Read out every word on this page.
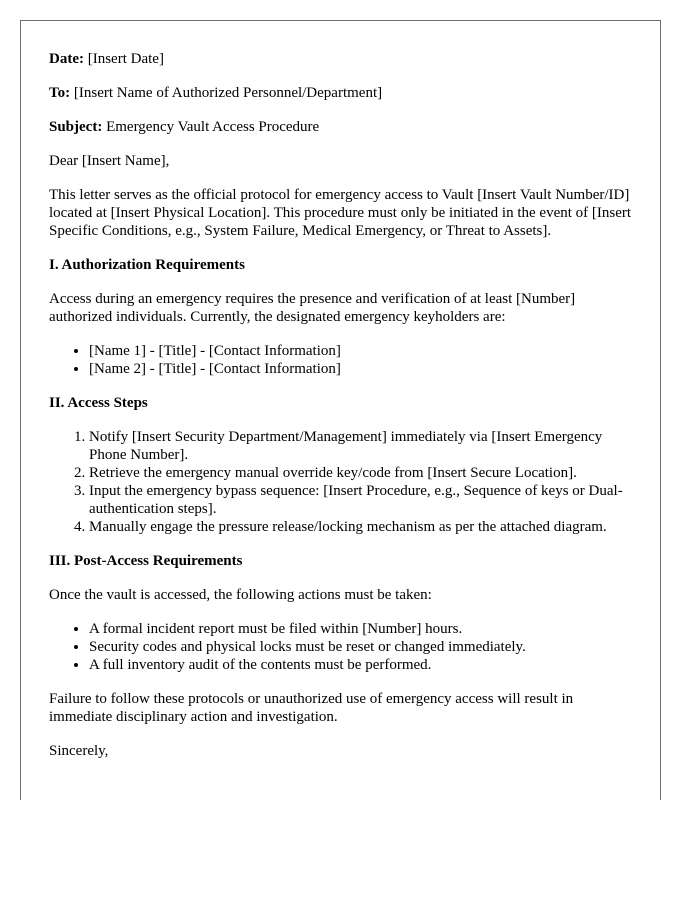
Date: [Insert Date]

To: [Insert Name of Authorized Personnel/Department]

Subject: Emergency Vault Access Procedure

Dear [Insert Name],

This letter serves as the official protocol for emergency access to Vault [Insert Vault Number/ID] located at [Insert Physical Location]. This procedure must only be initiated in the event of [Insert Specific Conditions, e.g., System Failure, Medical Emergency, or Threat to Assets].

I. Authorization Requirements

Access during an emergency requires the presence and verification of at least [Number] authorized individuals. Currently, the designated emergency keyholders are:

• [Name 1] - [Title] - [Contact Information]
• [Name 2] - [Title] - [Contact Information]
II. Access Steps
1. Notify [Insert Security Department/Management] immediately via [Insert Emergency Phone Number].
2. Retrieve the emergency manual override key/code from [Insert Secure Location].
3. Input the emergency bypass sequence: [Insert Procedure, e.g., Sequence of keys or Dual-authentication steps].
4. Manually engage the pressure release/locking mechanism as per the attached diagram.
III. Post-Access Requirements

Once the vault is accessed, the following actions must be taken:

• A formal incident report must be filed within [Number] hours.
• Security codes and physical locks must be reset or changed immediately.
• A full inventory audit of the contents must be performed.

Failure to follow these protocols or unauthorized use of emergency access will result in immediate disciplinary action and investigation.

Sincerely,
